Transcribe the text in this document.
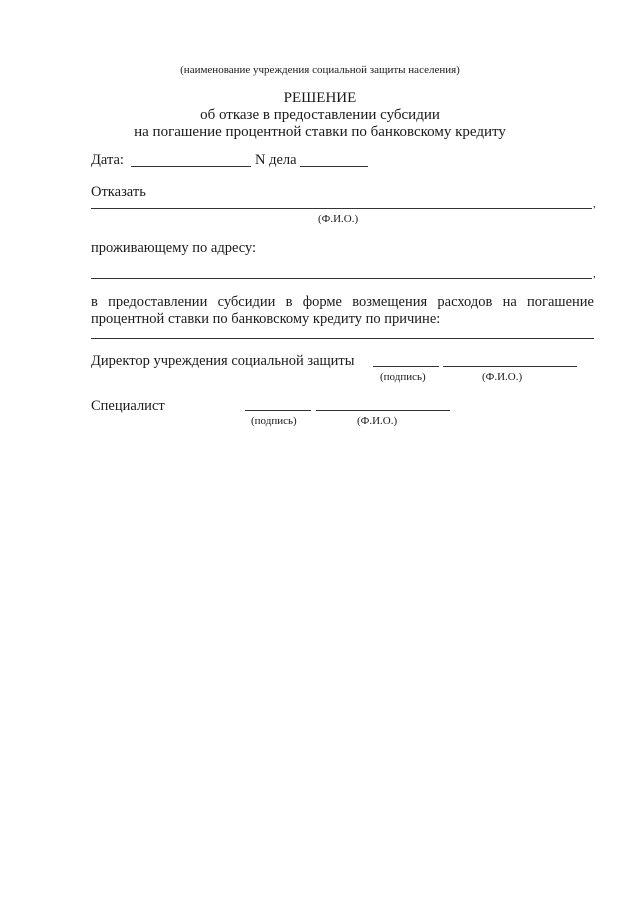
(наименование учреждения социальной защиты населения)
РЕШЕНИЕ
об отказе в предоставлении субсидии
на погашение процентной ставки по банковскому кредиту
Дата:	N дела
Отказать
,
(Ф.И.О.)
проживающему по адресу:
,
в предоставлении субсидии в форме возмещения расходов на погашение
процентной ставки по банковскому кредиту по причине:
Директор учреждения социальной защиты
(подпись)	(Ф.И.О.)
Специалист
(подпись)	(Ф.И.О.)
